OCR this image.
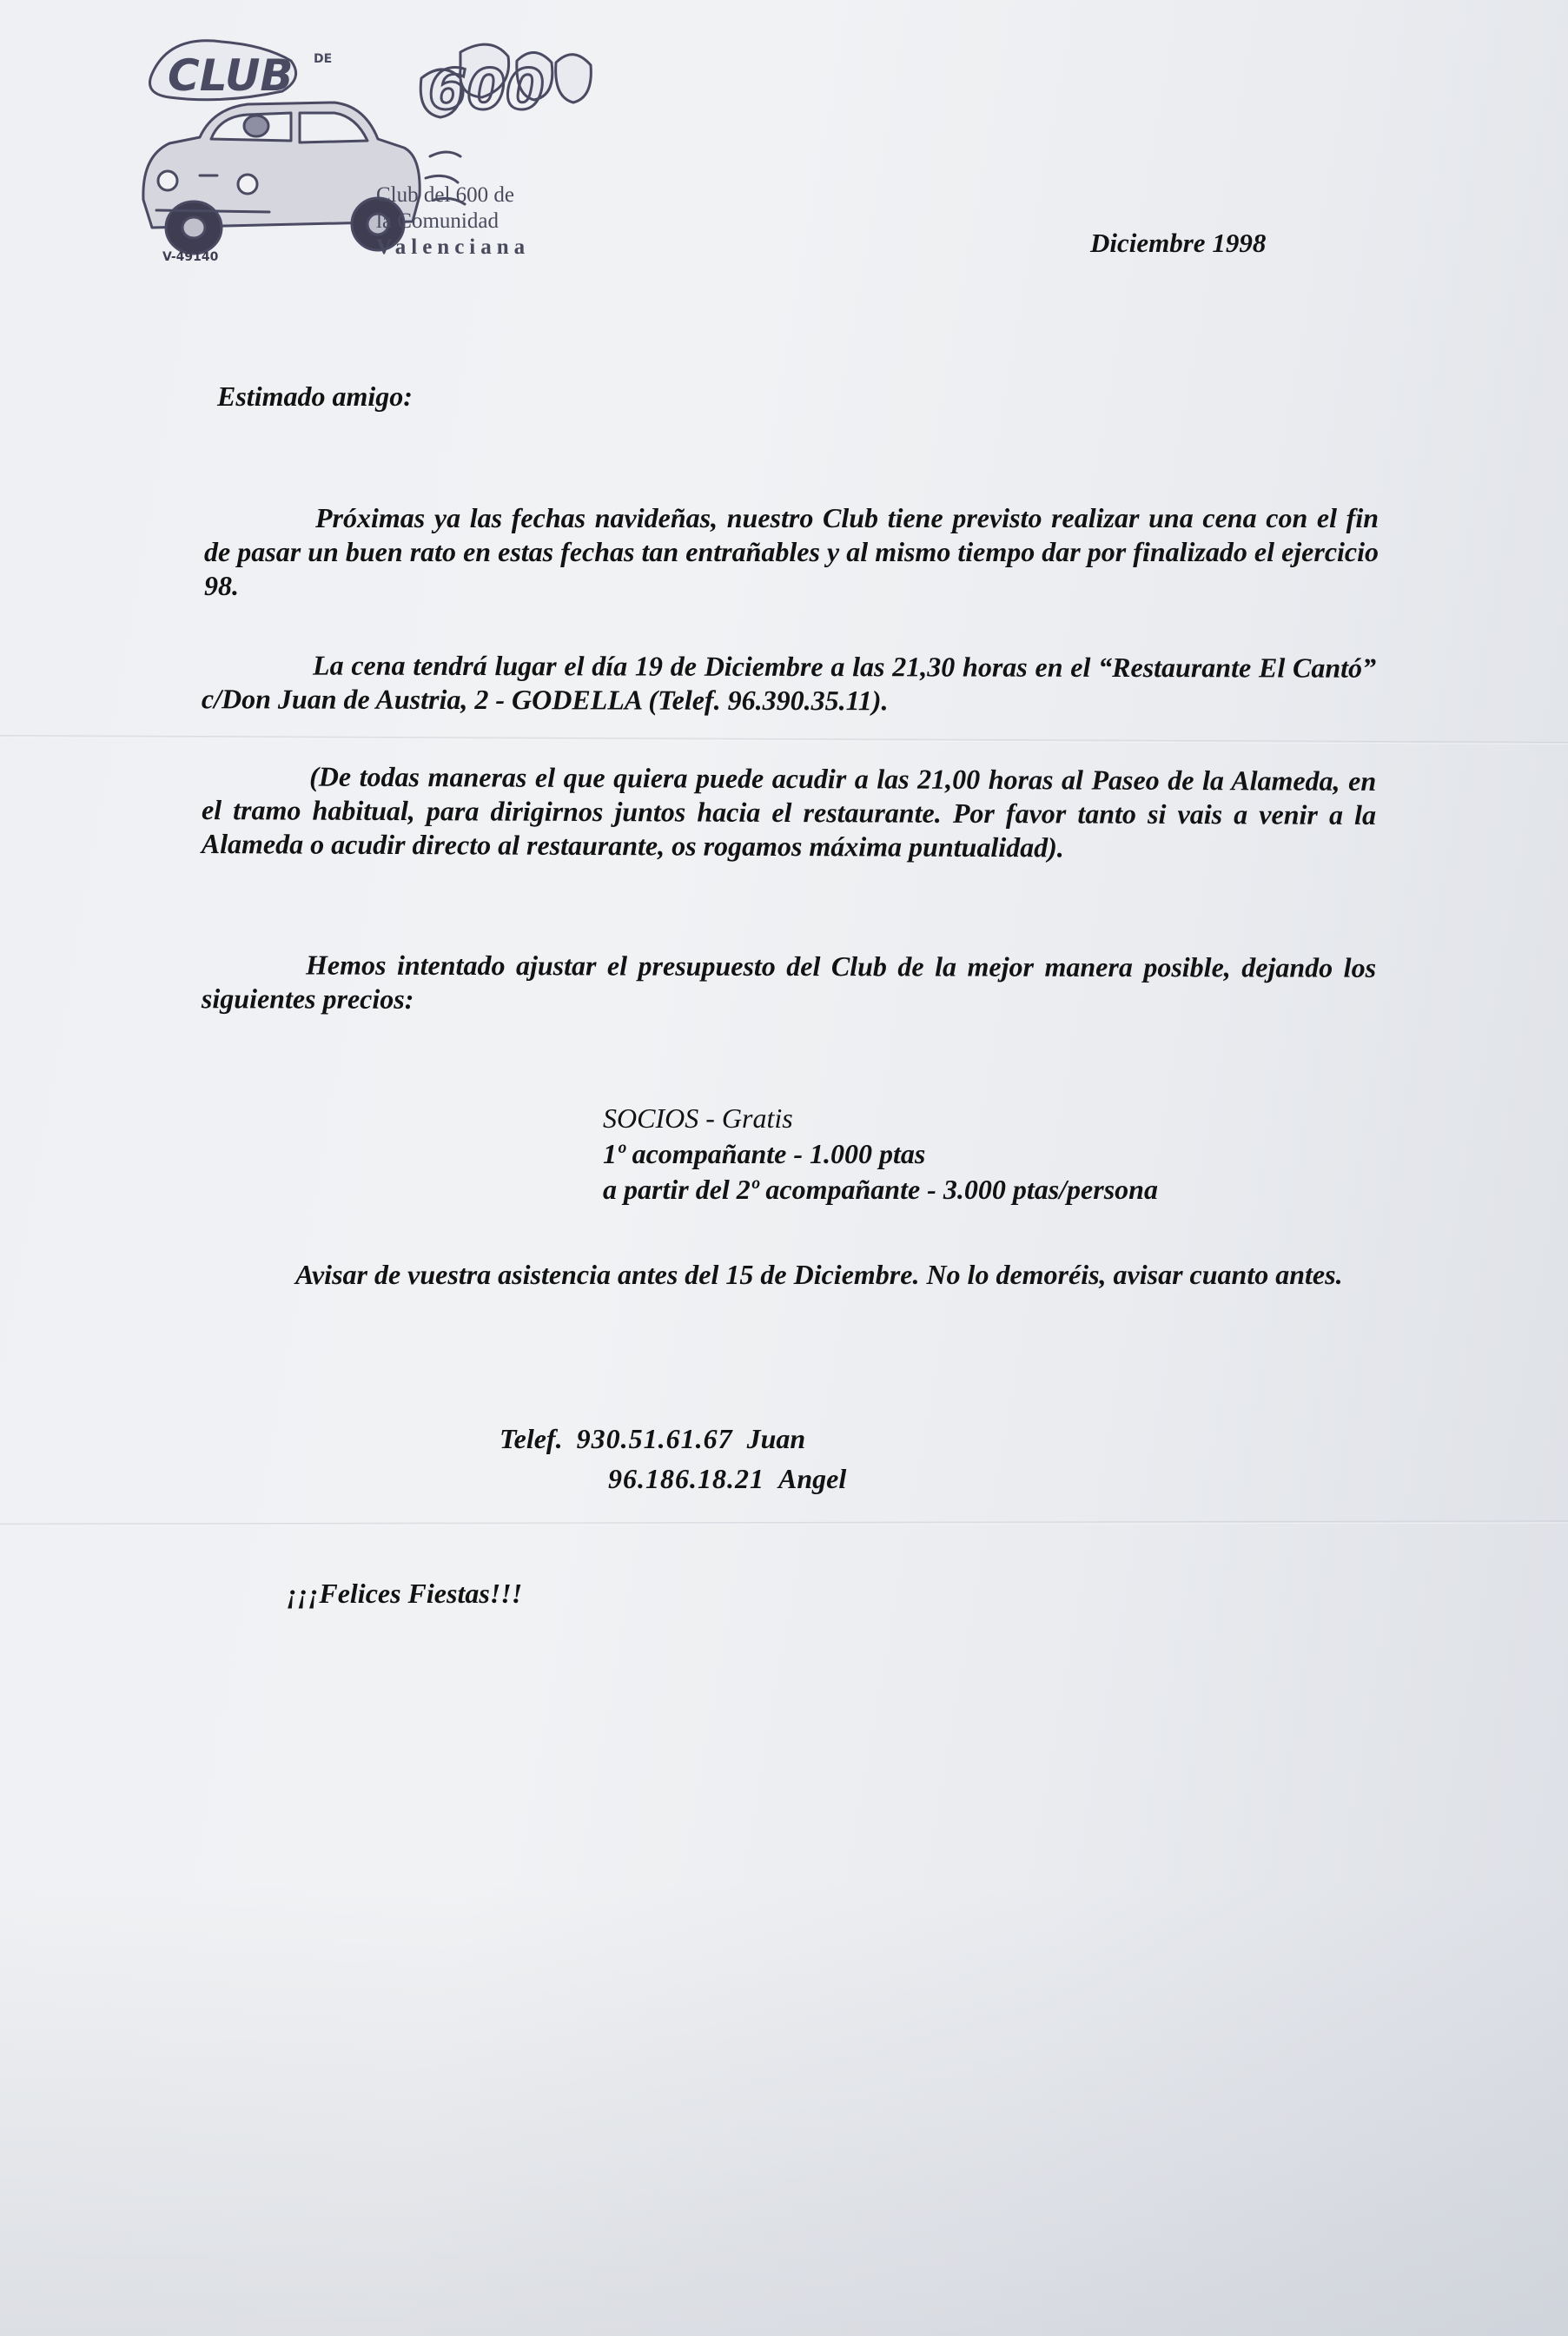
CLUB DE 600
V-49140
Club del 600 de
la Comunidad
Valenciana	Diciembre 1998
Estimado amigo:
Próximas ya las fechas navideñas, nuestro Club tiene previsto realizar una cena con el fin de pasar un buen rato en estas fechas tan entrañables y al mismo tiempo dar por finalizado el ejercicio 98.
La cena tendrá lugar el día 19 de Diciembre a las 21,30 horas en el “Restaurante El Cantó” c/Don Juan de Austria, 2 - GODELLA (Telef. 96.390.35.11).
(De todas maneras el que quiera puede acudir a las 21,00 horas al Paseo de la Alameda, en el tramo habitual, para dirigirnos juntos hacia el restaurante. Por favor tanto si vais a venir a la Alameda o acudir directo al restaurante, os rogamos máxima puntualidad).
Hemos intentado ajustar el presupuesto del Club de la mejor manera posible, dejando los siguientes precios:
SOCIOS - Gratis
1º acompañante - 1.000 ptas
a partir del 2º acompañante - 3.000 ptas/persona
Avisar de vuestra asistencia antes del 15 de Diciembre. No lo demoréis, avisar cuanto antes.
Telef. 930.51.61.67 Juan
96.186.18.21 Angel
¡¡¡Felices Fiestas!!!
